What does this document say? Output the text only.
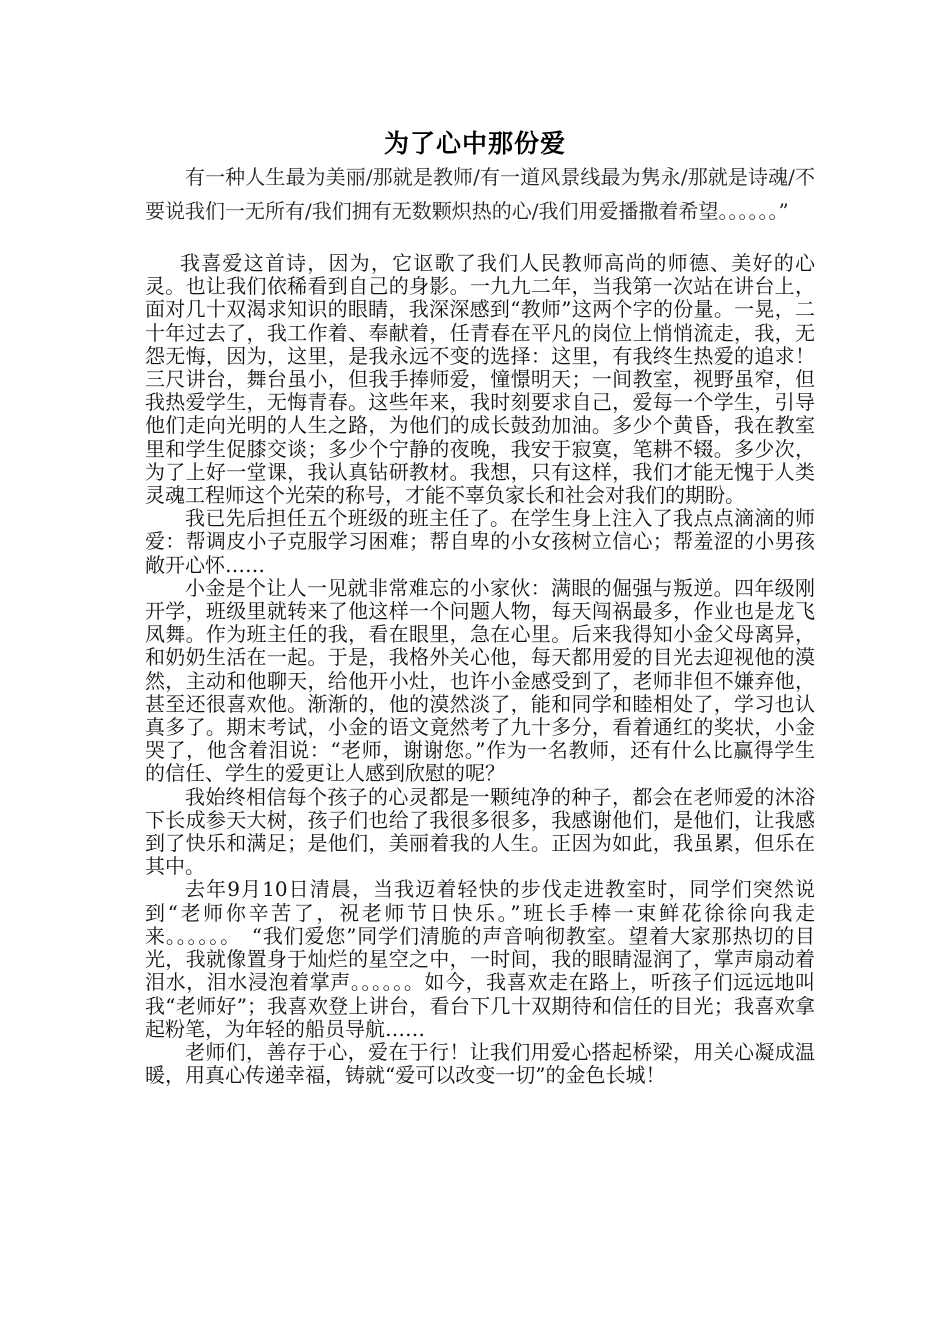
为了心中那份爱

有一种人生最为美丽/那就是教师/有一道风景线最为隽永/那就是诗魂/不要说我们一无所有/我们拥有无数颗炽热的心/我们用爱播撒着希望。。。。。。”

我喜爱这首诗，因为，它讴歌了我们人民教师高尚的师德、美好的心灵。也让我们依稀看到自己的身影。一九九二年，当我第一次站在讲台上，面对几十双渴求知识的眼睛，我深深感到“教师”这两个字的份量。一晃，二十年过去了，我工作着、奉献着，任青春在平凡的岗位上悄悄流走，我，无怨无悔，因为，这里，是我永远不变的选择：这里，有我终生热爱的追求！三尺讲台，舞台虽小，但我手捧师爱，憧憬明天；一间教室，视野虽窄，但我热爱学生，无悔青春。这些年来，我时刻要求自己，爱每一个学生，引导他们走向光明的人生之路，为他们的成长鼓劲加油。多少个黄昏，我在教室里和学生促膝交谈；多少个宁静的夜晚，我安于寂寞，笔耕不辍。多少次，为了上好一堂课，我认真钻研教材。我想，只有这样，我们才能无愧于人类灵魂工程师这个光荣的称号，才能不辜负家长和社会对我们的期盼。

我已先后担任五个班级的班主任了。在学生身上注入了我点点滴滴的师爱：帮调皮小子克服学习困难；帮自卑的小女孩树立信心；帮羞涩的小男孩敞开心怀……

小金是个让人一见就非常难忘的小家伙：满眼的倔强与叛逆。四年级刚开学，班级里就转来了他这样一个问题人物，每天闯祸最多，作业也是龙飞凤舞。作为班主任的我，看在眼里，急在心里。后来我得知小金父母离异，和奶奶生活在一起。于是，我格外关心他，每天都用爱的目光去迎视他的漠然，主动和他聊天，给他开小灶，也许小金感受到了，老师非但不嫌弃他，甚至还很喜欢他。渐渐的，他的漠然淡了，能和同学和睦相处了，学习也认真多了。期末考试，小金的语文竟然考了九十多分，看着通红的奖状，小金哭了，他含着泪说：“老师，谢谢您。”作为一名教师，还有什么比赢得学生的信任、学生的爱更让人感到欣慰的呢？

我始终相信每个孩子的心灵都是一颗纯净的种子，都会在老师爱的沐浴下长成参天大树，孩子们也给了我很多很多，我感谢他们，是他们，让我感到了快乐和满足；是他们，美丽着我的人生。正因为如此，我虽累，但乐在其中。

去年9月10日清晨，当我迈着轻快的步伐走进教室时，同学们突然说到“老师你辛苦了，祝老师节日快乐。”班长手棒一束鲜花徐徐向我走来。。。。。。　“我们爱您”同学们清脆的声音响彻教室。望着大家那热切的目光，我就像置身于灿烂的星空之中，一时间，我的眼睛湿润了，掌声扇动着泪水，泪水浸泡着掌声。。。。。。如今，我喜欢走在路上，听孩子们远远地叫我“老师好”；我喜欢登上讲台，看台下几十双期待和信任的目光；我喜欢拿起粉笔，为年轻的船员导航……

老师们，善存于心，爱在于行！让我们用爱心搭起桥梁，用关心凝成温暖，用真心传递幸福，铸就“爱可以改变一切”的金色长城！
